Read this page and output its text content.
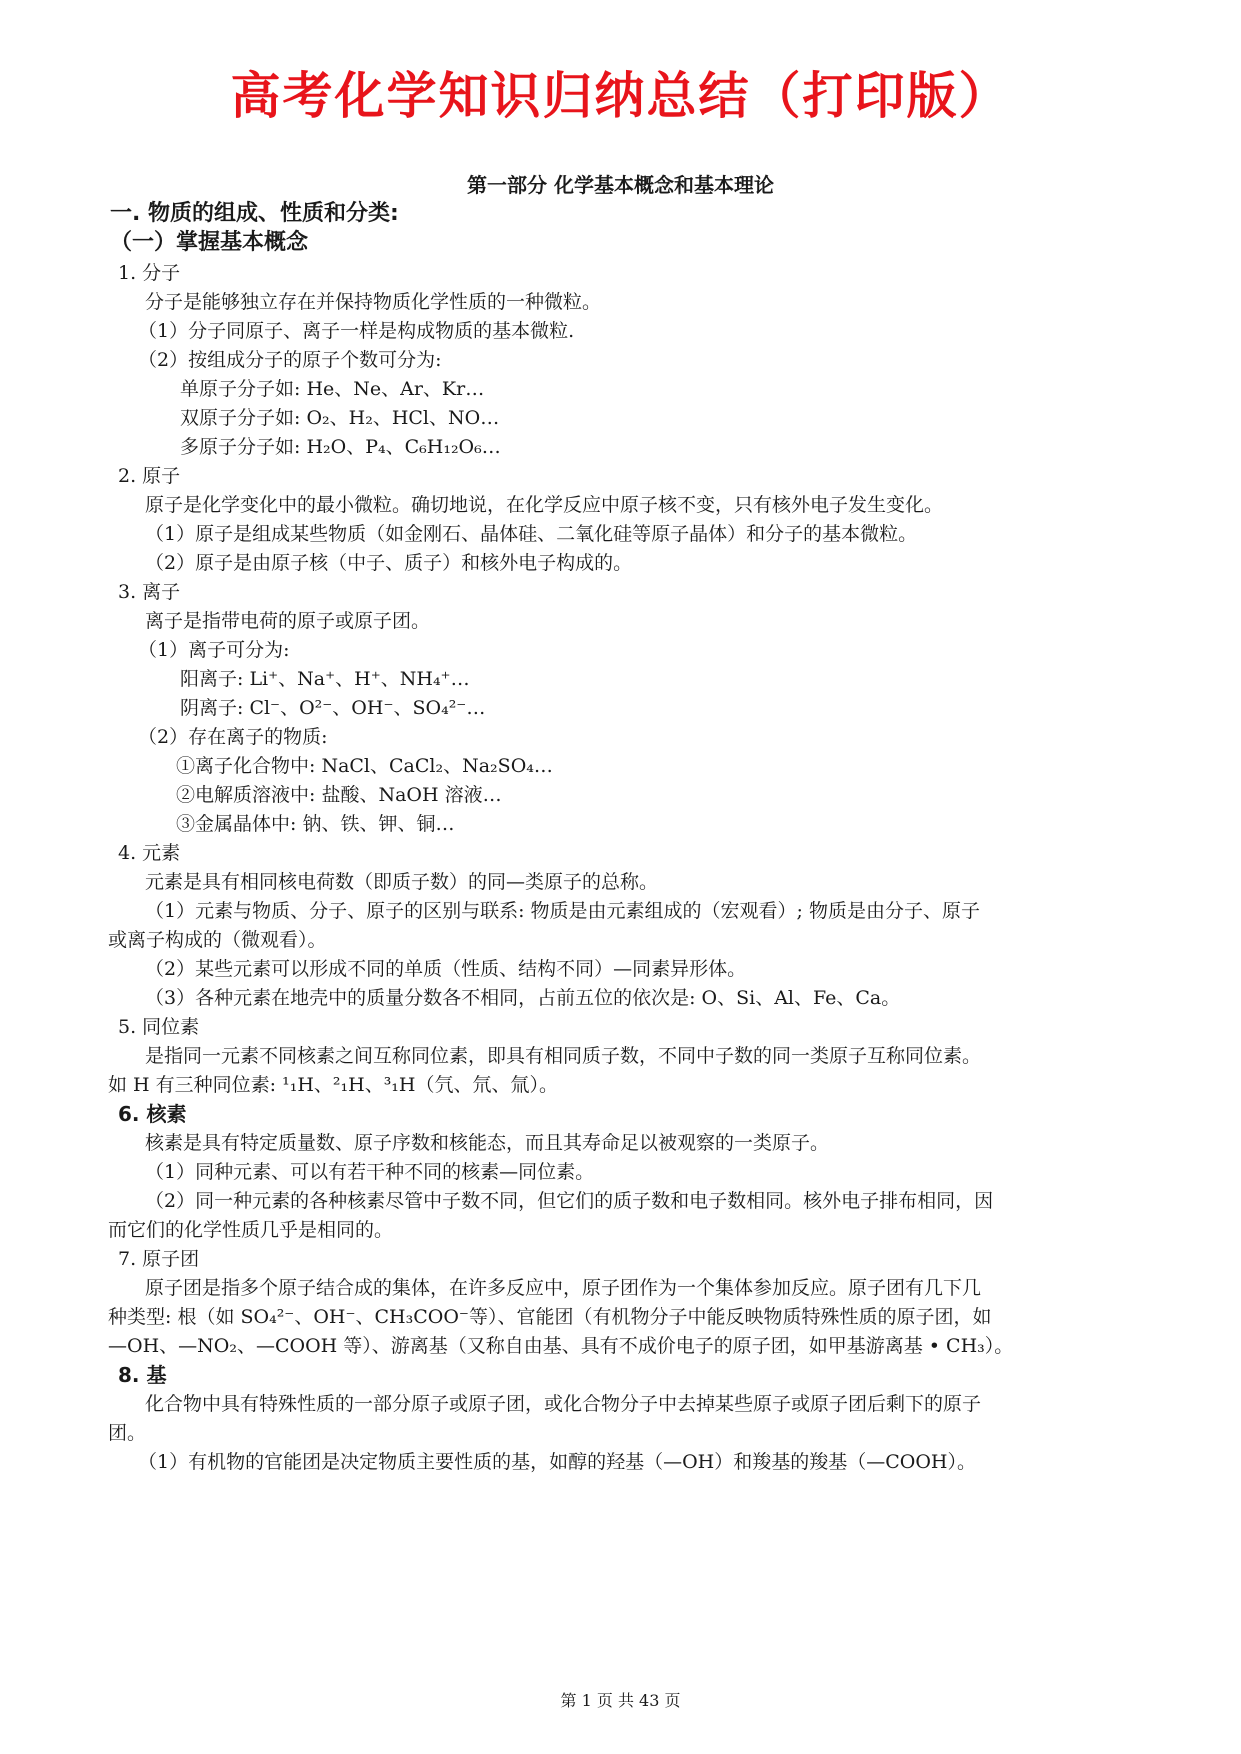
高考化学知识归纳总结（打印版）
第一部分 化学基本概念和基本理论
一. 物质的组成、性质和分类:
（一）掌握基本概念
1. 分子
分子是能够独立存在并保持物质化学性质的一种微粒。
（1）分子同原子、离子一样是构成物质的基本微粒.
（2）按组成分子的原子个数可分为:
单原子分子如: He、Ne、Ar、Kr…
双原子分子如: O₂、H₂、HCl、NO…
多原子分子如: H₂O、P₄、C₆H₁₂O₆…
2. 原子
原子是化学变化中的最小微粒。确切地说，在化学反应中原子核不变，只有核外电子发生变化。
（1）原子是组成某些物质（如金刚石、晶体硅、二氧化硅等原子晶体）和分子的基本微粒。
（2）原子是由原子核（中子、质子）和核外电子构成的。
3. 离子
离子是指带电荷的原子或原子团。
（1）离子可分为:
阳离子: Li⁺、Na⁺、H⁺、NH₄⁺…
阴离子: Cl⁻、O²⁻、OH⁻、SO₄²⁻…
（2）存在离子的物质:
①离子化合物中: NaCl、CaCl₂、Na₂SO₄…
②电解质溶液中: 盐酸、NaOH 溶液…
③金属晶体中: 钠、铁、钾、铜…
4. 元素
元素是具有相同核电荷数（即质子数）的同—类原子的总称。
（1）元素与物质、分子、原子的区别与联系: 物质是由元素组成的（宏观看）; 物质是由分子、原子
或离子构成的（微观看）。
（2）某些元素可以形成不同的单质（性质、结构不同）—同素异形体。
（3）各种元素在地壳中的质量分数各不相同，占前五位的依次是: O、Si、Al、Fe、Ca。
5. 同位素
是指同一元素不同核素之间互称同位素，即具有相同质子数，不同中子数的同一类原子互称同位素。
如 H 有三种同位素: ¹₁H、²₁H、³₁H（氕、氘、氚）。
6. 核素
核素是具有特定质量数、原子序数和核能态，而且其寿命足以被观察的一类原子。
（1）同种元素、可以有若干种不同的核素—同位素。
（2）同一种元素的各种核素尽管中子数不同，但它们的质子数和电子数相同。核外电子排布相同，因
而它们的化学性质几乎是相同的。
7. 原子团
原子团是指多个原子结合成的集体，在许多反应中，原子团作为一个集体参加反应。原子团有几下几
种类型: 根（如 SO₄²⁻、OH⁻、CH₃COO⁻等）、官能团（有机物分子中能反映物质特殊性质的原子团，如
—OH、—NO₂、—COOH 等）、游离基（又称自由基、具有不成价电子的原子团，如甲基游离基 • CH₃）。
8. 基
化合物中具有特殊性质的一部分原子或原子团，或化合物分子中去掉某些原子或原子团后剩下的原子
团。
（1）有机物的官能团是决定物质主要性质的基，如醇的羟基（—OH）和羧基的羧基（—COOH）。
第 1 页 共 43 页
